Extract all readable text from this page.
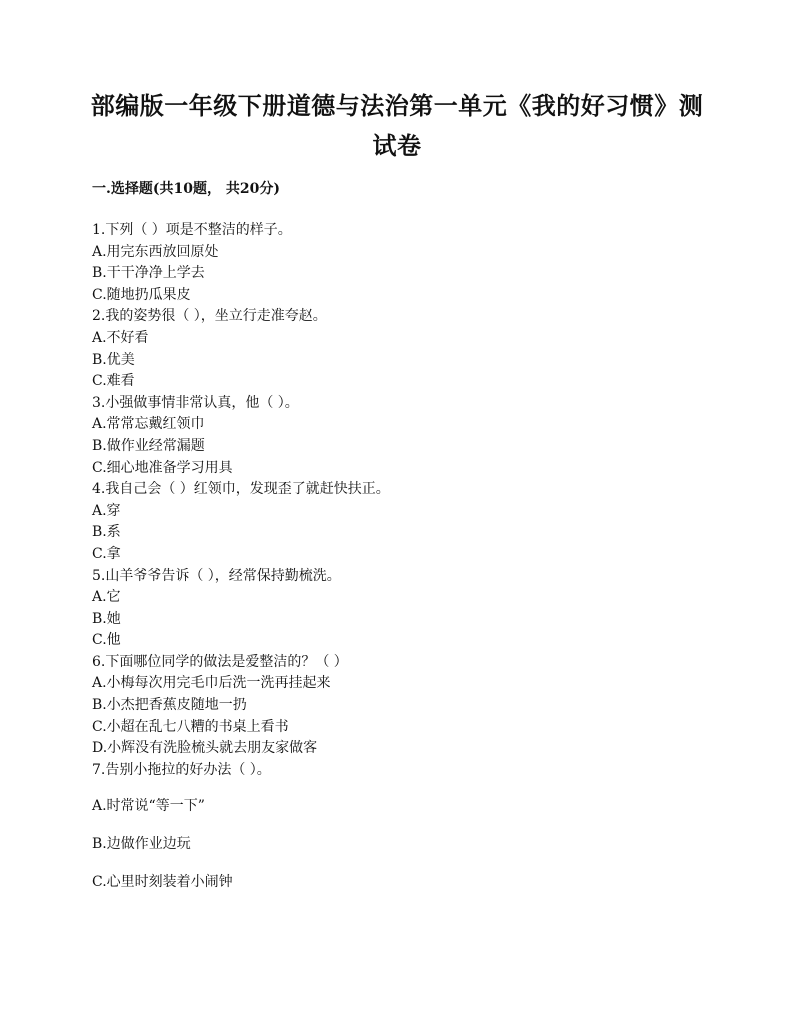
部编版一年级下册道德与法治第一单元《我的好习惯》测
试卷
一.选择题(共10题， 共20分)
1.下列（ ）项是不整洁的样子。
A.用完东西放回原处
B.干干净净上学去
C.随地扔瓜果皮
2.我的姿势很（ ），坐立行走准夸赵。
A.不好看
B.优美
C.难看
3.小强做事情非常认真，他（ ）。
A.常常忘戴红领巾
B.做作业经常漏题
C.细心地准备学习用具
4.我自己会（ ）红领巾，发现歪了就赶快扶正。
A.穿
B.系
C.拿
5.山羊爷爷告诉（ ），经常保持勤梳洗。
A.它
B.她
C.他
6.下面哪位同学的做法是爱整洁的？（ ）
A.小梅每次用完毛巾后洗一洗再挂起来
B.小杰把香蕉皮随地一扔
C.小超在乱七八糟的书桌上看书
D.小辉没有洗脸梳头就去朋友家做客
7.告别小拖拉的好办法（ ）。
A.时常说“等一下”
B.边做作业边玩
C.心里时刻装着小闹钟
